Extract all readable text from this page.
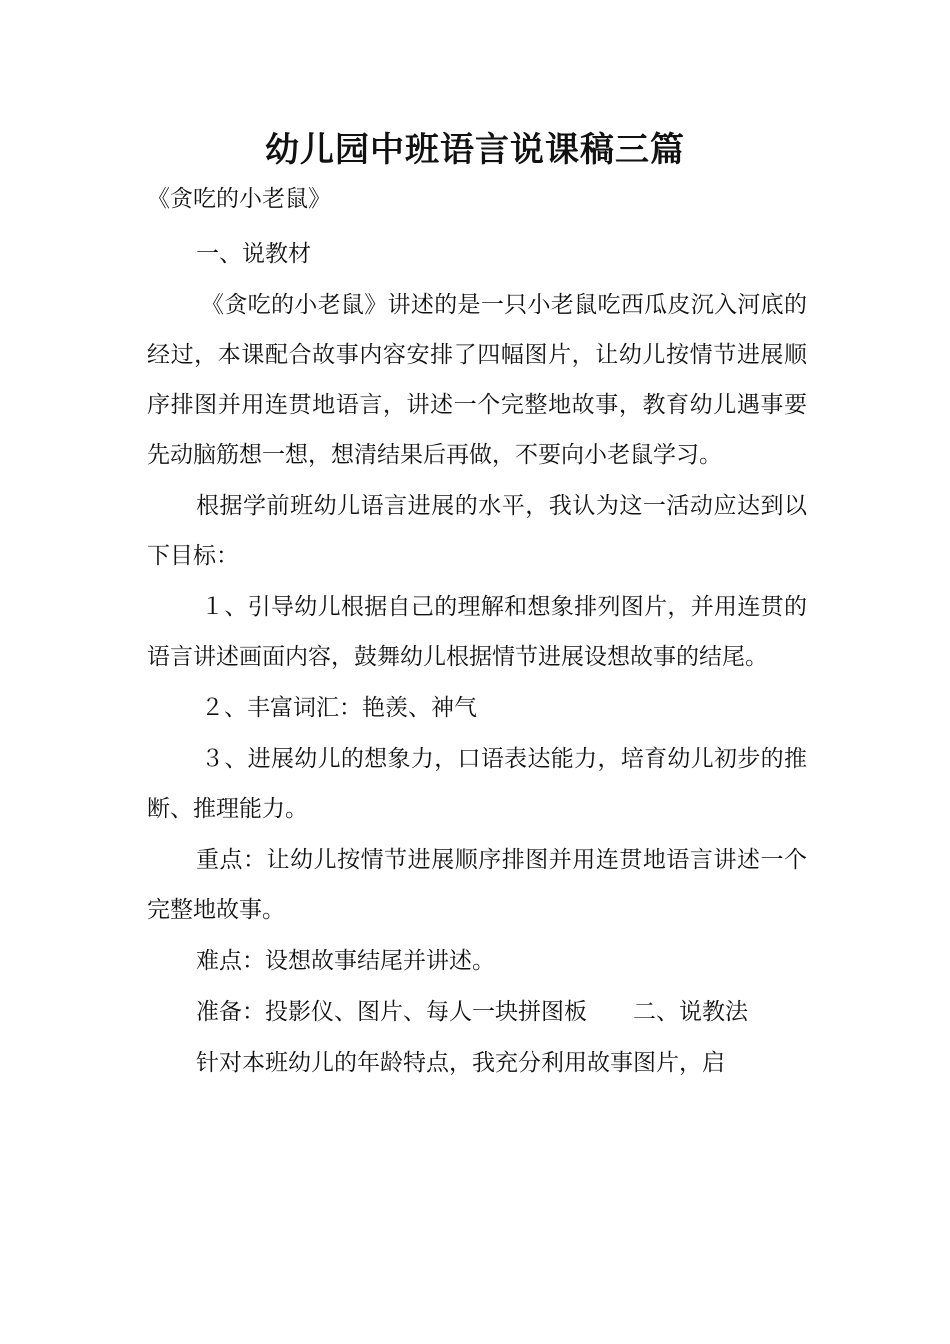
幼儿园中班语言说课稿三篇
《贪吃的小老鼠》

一、说教材

《贪吃的小老鼠》讲述的是一只小老鼠吃西瓜皮沉入河底的经过，本课配合故事内容安排了四幅图片，让幼儿按情节进展顺序排图并用连贯地语言，讲述一个完整地故事，教育幼儿遇事要先动脑筋想一想，想清结果后再做，不要向小老鼠学习。

根据学前班幼儿语言进展的水平，我认为这一活动应达到以下目标：

１、引导幼儿根据自己的理解和想象排列图片，并用连贯的语言讲述画面内容，鼓舞幼儿根据情节进展设想故事的结尾。

２、丰富词汇：艳羡、神气

３、进展幼儿的想象力，口语表达能力，培育幼儿初步的推断、推理能力。

重点：让幼儿按情节进展顺序排图并用连贯地语言讲述一个完整地故事。

难点：设想故事结尾并讲述。

准备：投影仪、图片、每人一块拼图板　　二、说教法

针对本班幼儿的年龄特点，我充分利用故事图片，启
